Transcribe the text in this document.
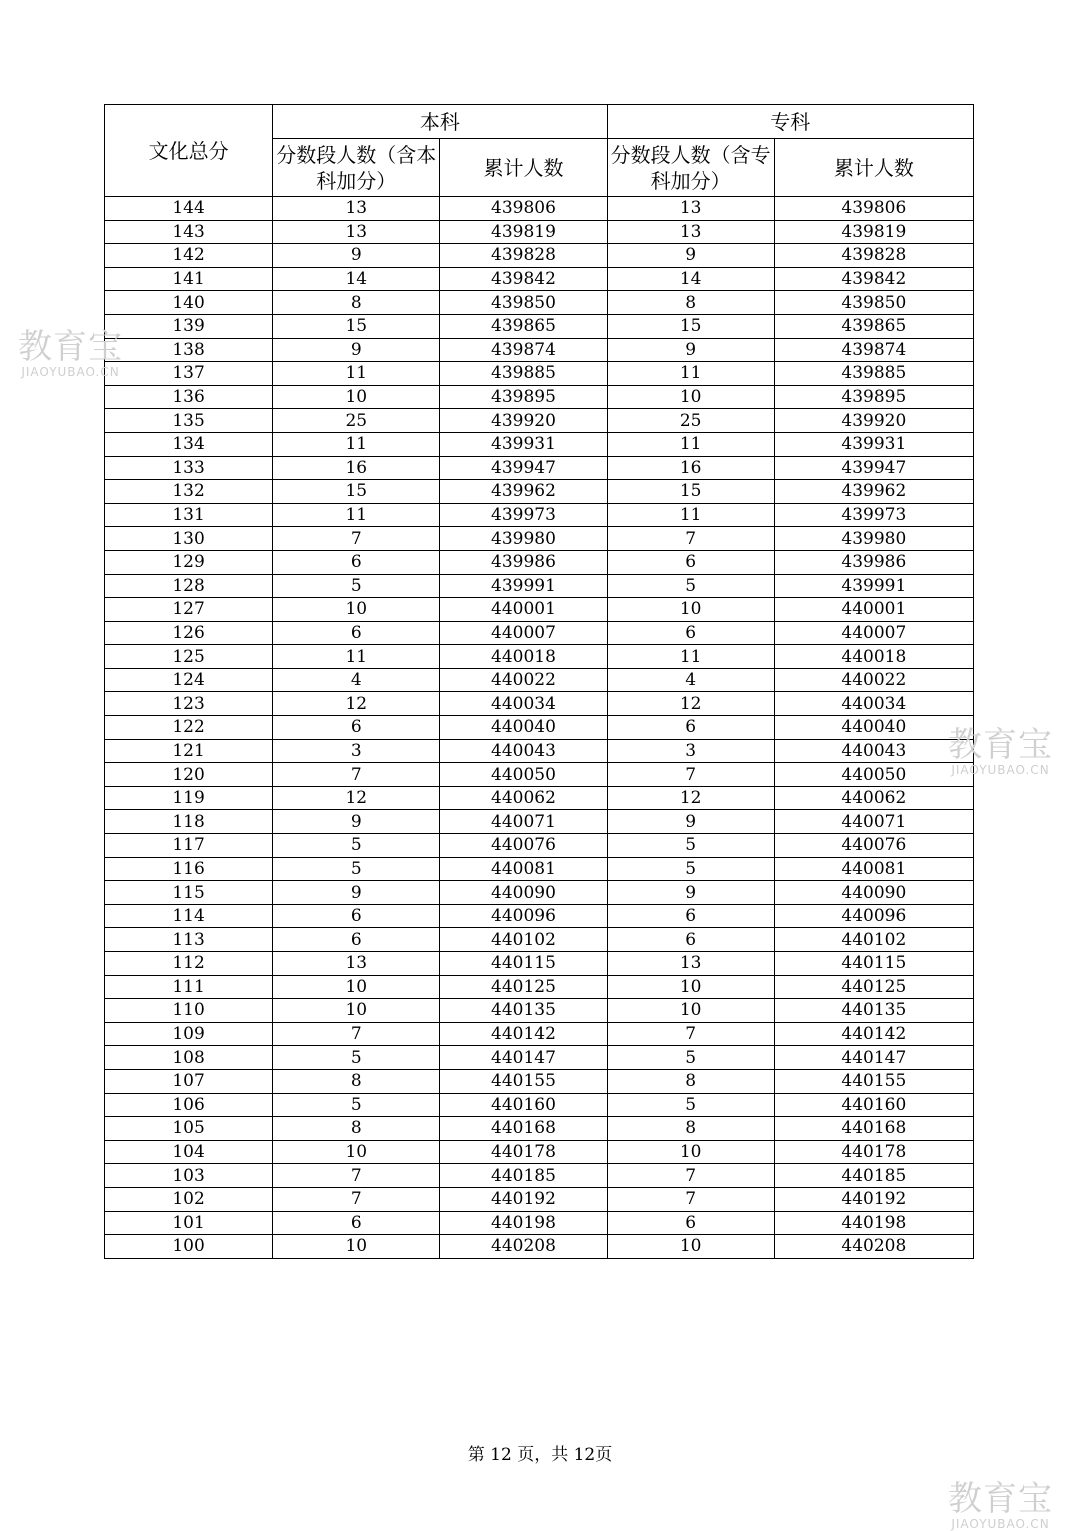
文化总分	本科		专科	
	分数段人数（含本科加分）	累计人数	分数段人数（含专科加分）	累计人数
144	13	439806	13	439806
143	13	439819	13	439819
142	9	439828	9	439828
141	14	439842	14	439842
140	8	439850	8	439850
139	15	439865	15	439865
138	9	439874	9	439874
137	11	439885	11	439885
136	10	439895	10	439895
135	25	439920	25	439920
134	11	439931	11	439931
133	16	439947	16	439947
132	15	439962	15	439962
131	11	439973	11	439973
130	7	439980	7	439980
129	6	439986	6	439986
128	5	439991	5	439991
127	10	440001	10	440001
126	6	440007	6	440007
125	11	440018	11	440018
124	4	440022	4	440022
123	12	440034	12	440034
122	6	440040	6	440040
121	3	440043	3	440043
120	7	440050	7	440050
119	12	440062	12	440062
118	9	440071	9	440071
117	5	440076	5	440076
116	5	440081	5	440081
115	9	440090	9	440090
114	6	440096	6	440096
113	6	440102	6	440102
112	13	440115	13	440115
111	10	440125	10	440125
110	10	440135	10	440135
109	7	440142	7	440142
108	5	440147	5	440147
107	8	440155	8	440155
106	5	440160	5	440160
105	8	440168	8	440168
104	10	440178	10	440178
103	7	440185	7	440185
102	7	440192	7	440192
101	6	440198	6	440198
100	10	440208	10	440208
第 12 页，共 12页
教育宝
JIAOYUBAO.CN
教育宝
JIAOYUBAO.CN
教育宝
JIAOYUBAO.CN
